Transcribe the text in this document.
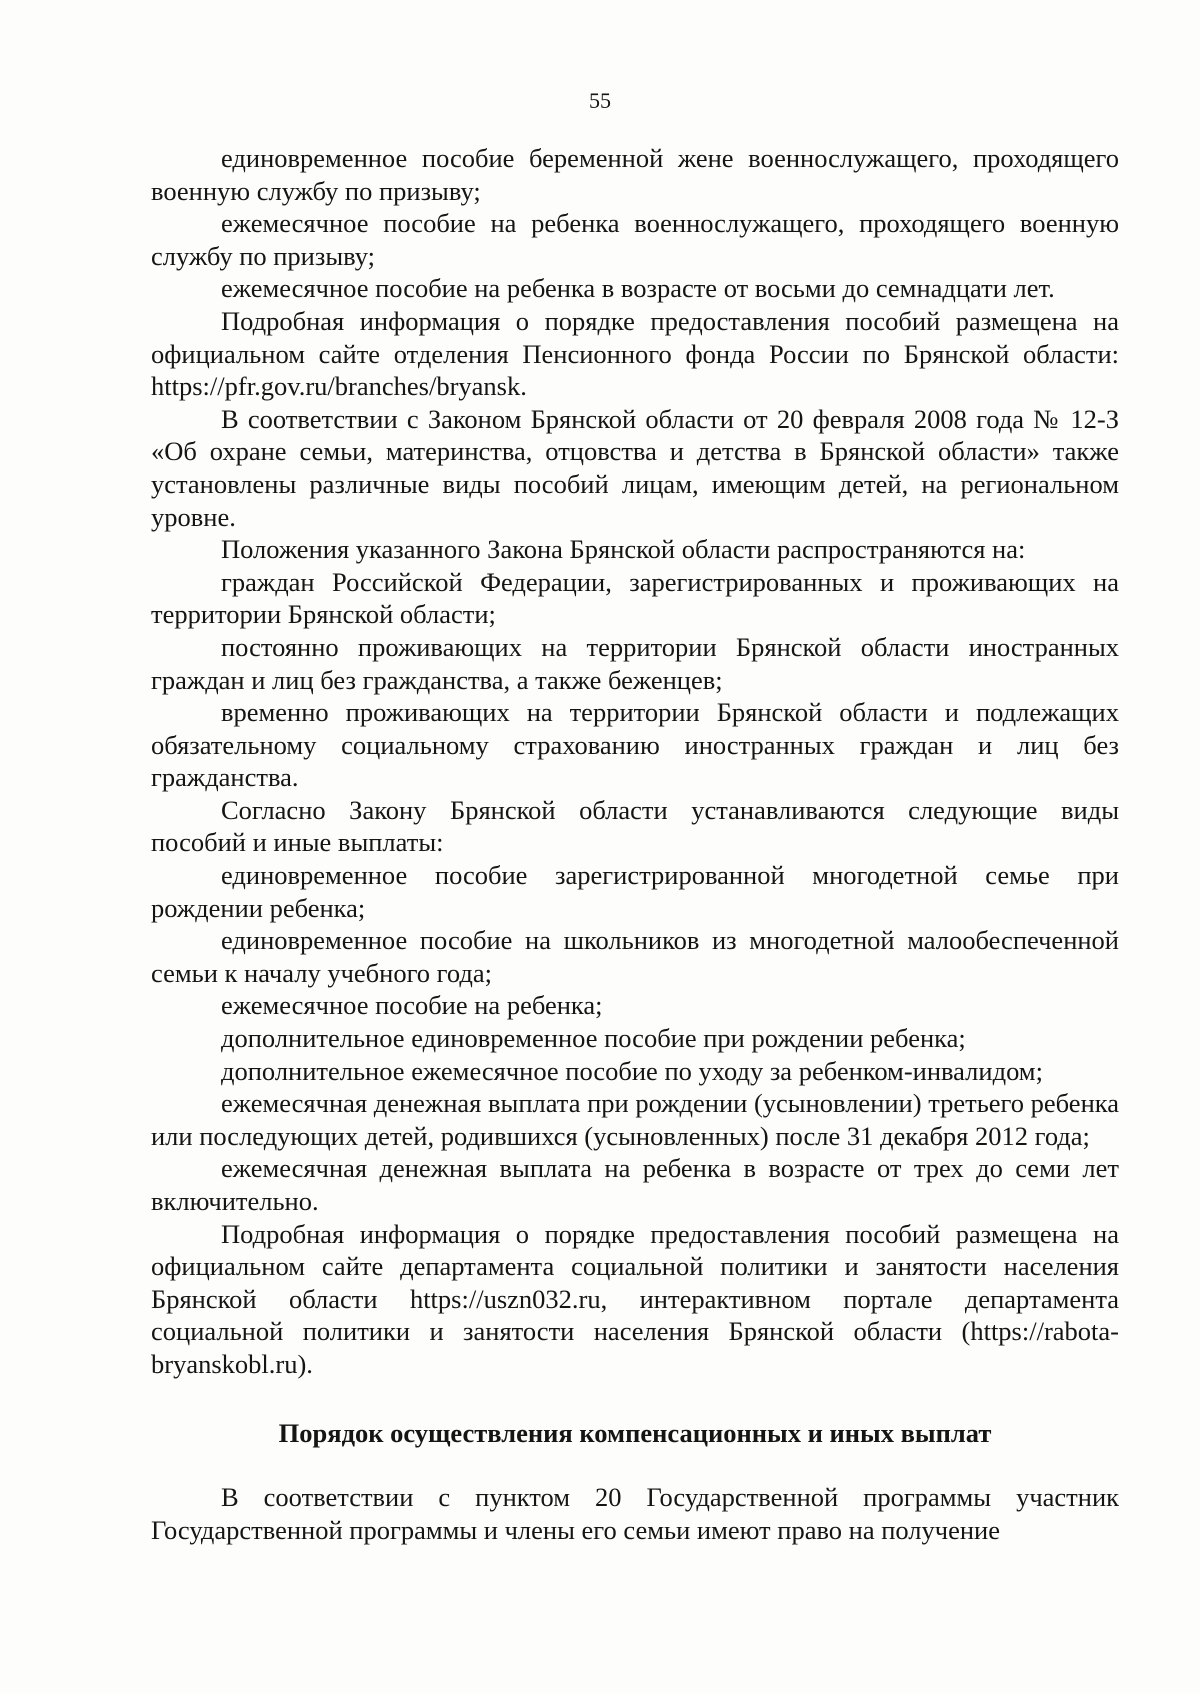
55

единовременное пособие беременной жене военнослужащего, проходящего военную службу по призыву;

ежемесячное пособие на ребенка военнослужащего, проходящего военную службу по призыву;

ежемесячное пособие на ребенка в возрасте от восьми до семнадцати лет.

Подробная информация о порядке предоставления пособий размещена на официальном сайте отделения Пенсионного фонда России по Брянской области: https://pfr.gov.ru/branches/bryansk.

В соответствии с Законом Брянской области от 20 февраля 2008 года № 12-З «Об охране семьи, материнства, отцовства и детства в Брянской области» также установлены различные виды пособий лицам, имеющим детей, на региональном уровне.

Положения указанного Закона Брянской области распространяются на:

граждан Российской Федерации, зарегистрированных и проживающих на территории Брянской области;

постоянно проживающих на территории Брянской области иностранных граждан и лиц без гражданства, а также беженцев;

временно проживающих на территории Брянской области и подлежащих обязательному социальному страхованию иностранных граждан и лиц без гражданства.

Согласно Закону Брянской области устанавливаются следующие виды пособий и иные выплаты:

единовременное пособие зарегистрированной многодетной семье при рождении ребенка;

единовременное пособие на школьников из многодетной малообеспеченной семьи к началу учебного года;

ежемесячное пособие на ребенка;

дополнительное единовременное пособие при рождении ребенка;

дополнительное ежемесячное пособие по уходу за ребенком-инвалидом;

ежемесячная денежная выплата при рождении (усыновлении) третьего ребенка или последующих детей, родившихся (усыновленных) после 31 декабря 2012 года;

ежемесячная денежная выплата на ребенка в возрасте от трех до семи лет включительно.

Подробная информация о порядке предоставления пособий размещена на официальном сайте департамента социальной политики и занятости населения Брянской области https://uszn032.ru, интерактивном портале департамента социальной политики и занятости населения Брянской области (https://rabota-bryanskobl.ru).

Порядок осуществления компенсационных и иных выплат

В соответствии с пунктом 20 Государственной программы участник Государственной программы и члены его семьи имеют право на получение
